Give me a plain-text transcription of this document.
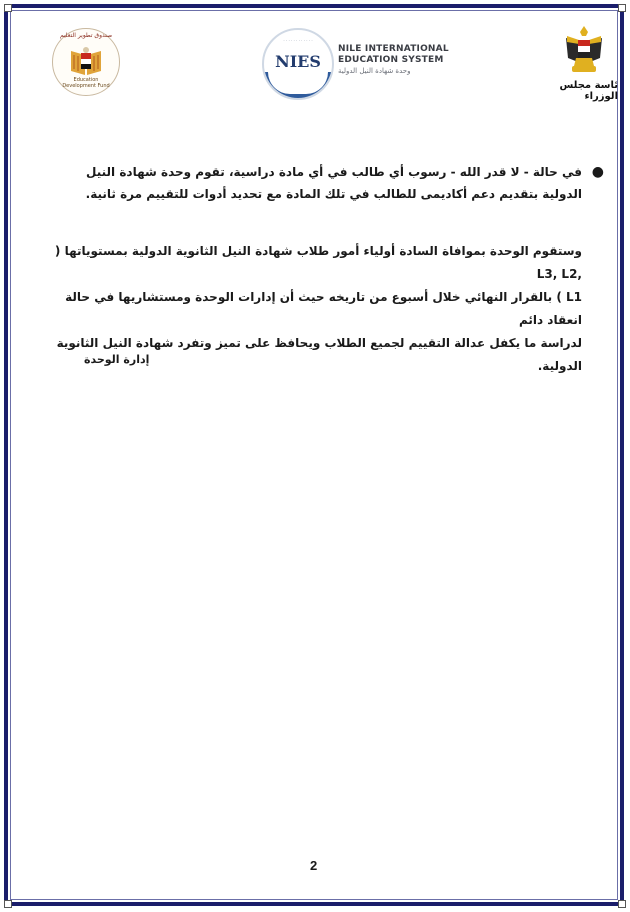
صندوق تطوير التعليم
Education Development Fund
· · · · · · · · · · · ·
NIES
NILE INTERNATIONAL
EDUCATION SYSTEM
وحدة شهادة النيل الدولية
ئاسة مجلس الوزراء
●
في حالة - لا قدر الله - رسوب أي طالب في أي مادة دراسية، تقوم وحدة شهادة النيل
الدولية بتقديم دعم أكاديمى للطالب في تلك المادة مع تحديد أدوات للتقييم مرة ثانية.
وستقوم الوحدة بموافاة السادة أولياء أمور طلاب شهادة النيل الثانوية الدولية بمستوياتها ( L3, L2,
L1 ) بالقرار النهائي خلال أسبوع من تاريخه حيث أن إدارات الوحدة ومستشاريها في حالة انعقاد دائم
لدراسة ما يكفل عدالة التقييم لجميع الطلاب ويحافظ على تميز وتفرد شهادة النيل الثانوية الدولية.
إدارة الوحدة
2
